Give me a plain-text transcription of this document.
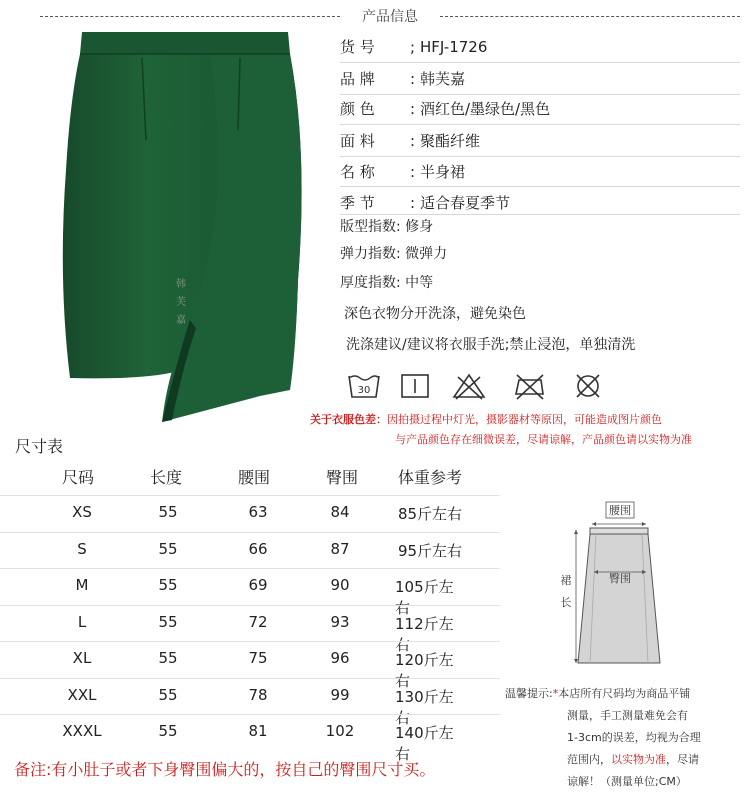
产品信息
韩
芙
嘉
货 号 ; HFJ-1726
品 牌 : 韩芙嘉
颜 色 : 酒红色/墨绿色/黑色
面 料 : 聚酯纤维
名 称 : 半身裙
季 节 : 适合春夏季节
版型指数: 修身
弹力指数: 微弹力
厚度指数: 中等
深色衣物分开洗涤，避免染色
洗涤建议/建议将衣服手洗;禁止浸泡，单独清洗
30
关于衣服色差：因拍摄过程中灯光，摄影器材等原因，可能造成图片颜色
与产品颜色存在细微误差，尽请谅解，产品颜色请以实物为准
尺寸表
尺码	长度	腰围	臀围 体重参考
XS	55	63	84	85斤左右
S	55	66	87	95斤左右
M	55	69	90	105斤左右
L	55	72	93	112斤左右
XL	55	75	96	120斤左右
XXL	55	78	99	130斤左右
XXXL	55	81	102	140斤左右
备注:有小肚子或者下身臀围偏大的，按自己的臀围尺寸买。
腰围
臀围
裙
长
温馨提示:*本店所有尺码均为商品平铺
测量，手工测量难免会有
1-3cm的误差，均视为合理
范围内，以实物为准，尽请
谅解！（测量单位;CM）
